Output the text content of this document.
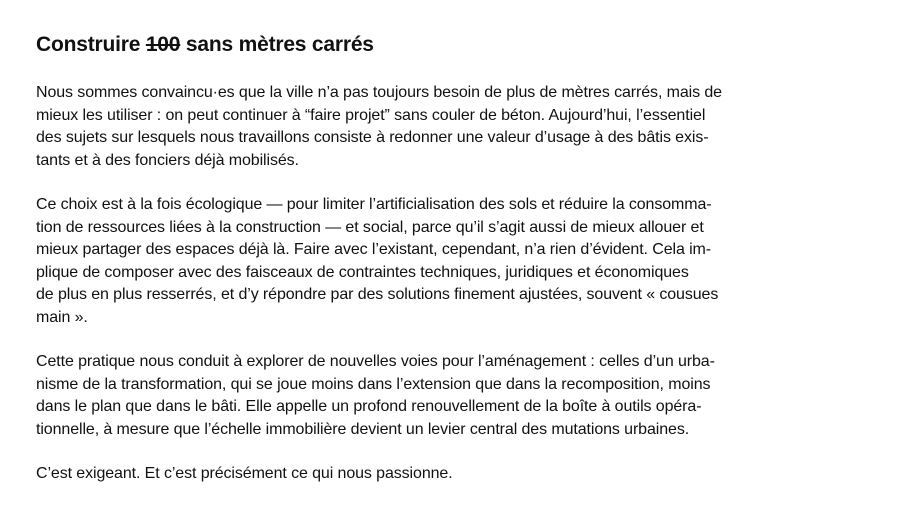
Construire 100 sans mètres carrés

Nous sommes convaincu·es que la ville n’a pas toujours besoin de plus de mètres carrés, mais de
mieux les utiliser : on peut continuer à “faire projet” sans couler de béton. Aujourd’hui, l’essentiel
des sujets sur lesquels nous travaillons consiste à redonner une valeur d’usage à des bâtis exis-
tants et à des fonciers déjà mobilisés.

Ce choix est à la fois écologique — pour limiter l’artificialisation des sols et réduire la consomma-
tion de ressources liées à la construction — et social, parce qu’il s’agit aussi de mieux allouer et
mieux partager des espaces déjà là. Faire avec l’existant, cependant, n’a rien d’évident. Cela im-
plique de composer avec des faisceaux de contraintes techniques, juridiques et économiques
de plus en plus resserrés, et d’y répondre par des solutions finement ajustées, souvent « cousues
main ».

Cette pratique nous conduit à explorer de nouvelles voies pour l’aménagement : celles d’un urba-
nisme de la transformation, qui se joue moins dans l’extension que dans la recomposition, moins
dans le plan que dans le bâti. Elle appelle un profond renouvellement de la boîte à outils opéra-
tionnelle, à mesure que l’échelle immobilière devient un levier central des mutations urbaines.

C’est exigeant. Et c’est précisément ce qui nous passionne.
